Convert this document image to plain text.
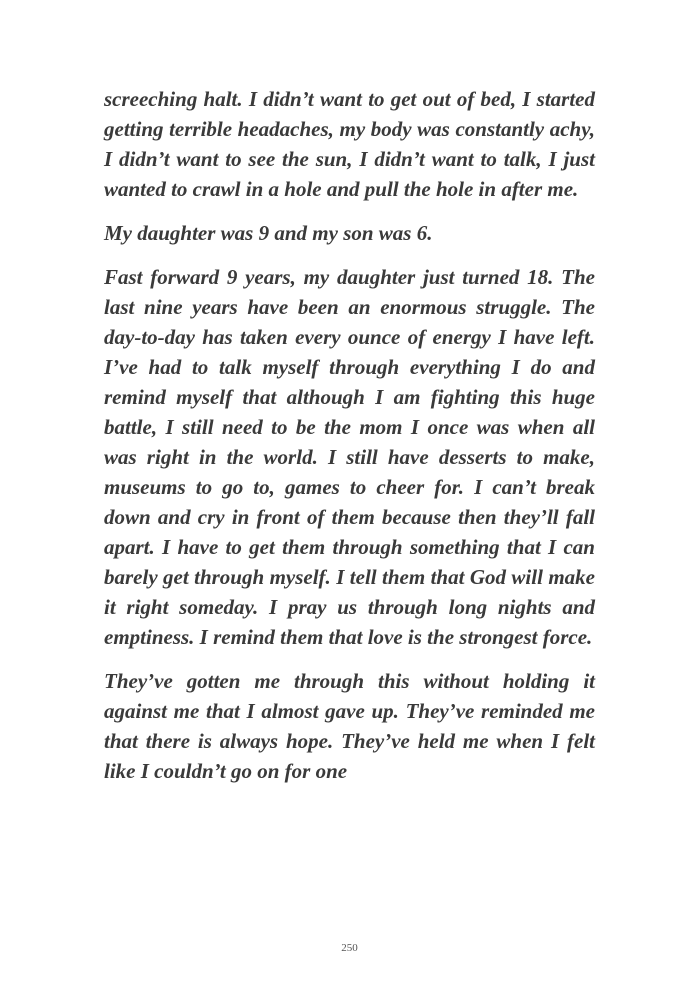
screeching halt. I didn’t want to get out of bed, I started getting terrible headaches, my body was constantly achy, I didn’t want to see the sun, I didn’t want to talk, I just wanted to crawl in a hole and pull the hole in after me.

My daughter was 9 and my son was 6.

Fast forward 9 years, my daughter just turned 18. The last nine years have been an enormous struggle. The day-to-day has taken every ounce of energy I have left. I’ve had to talk myself through everything I do and remind myself that although I am fighting this huge battle, I still need to be the mom I once was when all was right in the world. I still have desserts to make, museums to go to, games to cheer for. I can’t break down and cry in front of them because then they’ll fall apart. I have to get them through something that I can barely get through myself. I tell them that God will make it right someday. I pray us through long nights and emptiness. I remind them that love is the strongest force.

They’ve gotten me through this without holding it against me that I almost gave up. They’ve reminded me that there is always hope. They’ve held me when I felt like I couldn’t go on for one

250
